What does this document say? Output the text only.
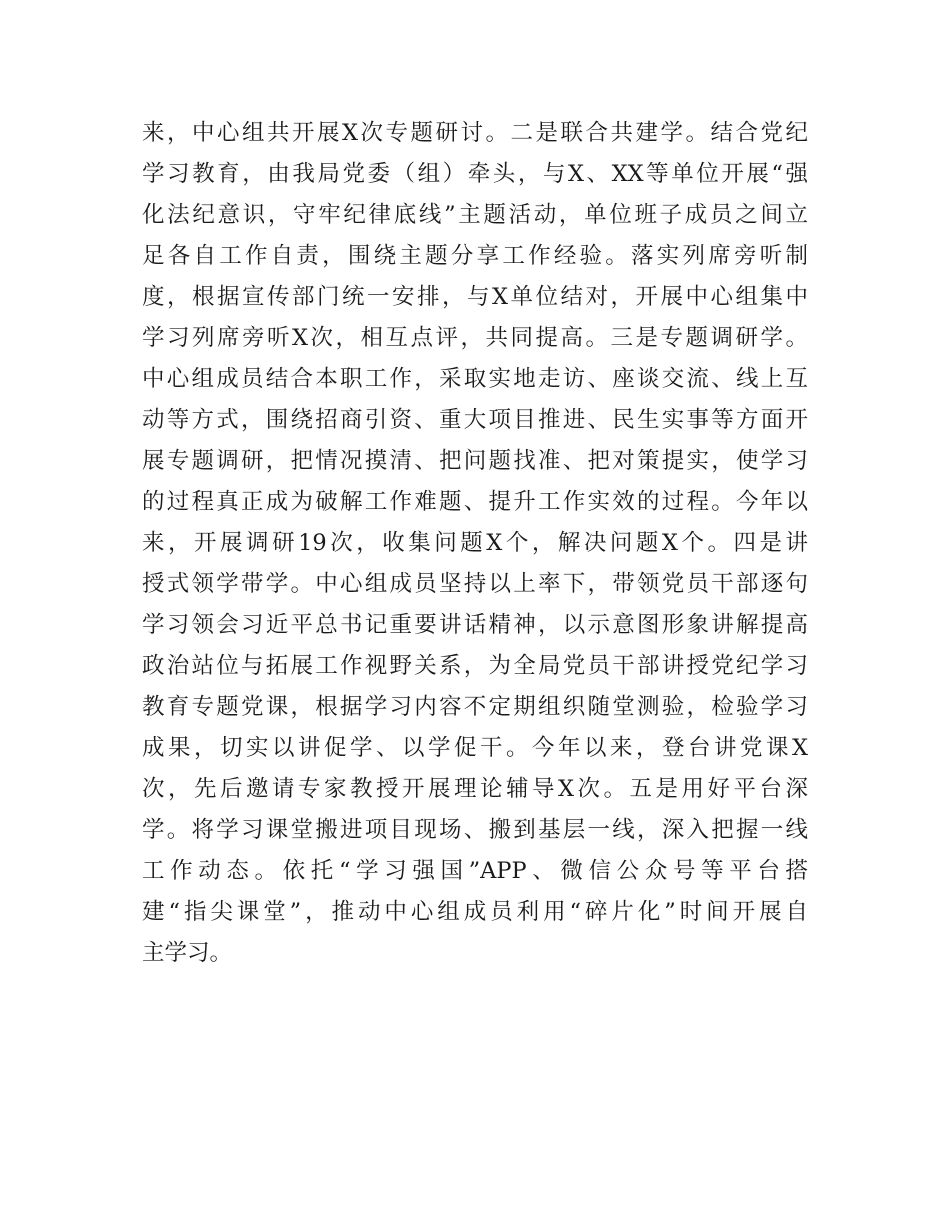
来，中心组共开展X次专题研讨。二是联合共建学。结合党纪
学习教育，由我局党委（组）牵头，与X、XX等单位开展“强
化法纪意识，守牢纪律底线”主题活动，单位班子成员之间立
足各自工作自责，围绕主题分享工作经验。落实列席旁听制
度，根据宣传部门统一安排，与X单位结对，开展中心组集中
学习列席旁听X次，相互点评，共同提高。三是专题调研学。
中心组成员结合本职工作，采取实地走访、座谈交流、线上互
动等方式，围绕招商引资、重大项目推进、民生实事等方面开
展专题调研，把情况摸清、把问题找准、把对策提实，使学习
的过程真正成为破解工作难题、提升工作实效的过程。今年以
来，开展调研19次，收集问题X个，解决问题X个。四是讲
授式领学带学。中心组成员坚持以上率下，带领党员干部逐句
学习领会习近平总书记重要讲话精神，以示意图形象讲解提高
政治站位与拓展工作视野关系，为全局党员干部讲授党纪学习
教育专题党课，根据学习内容不定期组织随堂测验，检验学习
成果，切实以讲促学、以学促干。今年以来，登台讲党课X
次，先后邀请专家教授开展理论辅导X次。五是用好平台深
学。将学习课堂搬进项目现场、搬到基层一线，深入把握一线
工作动态。依托“学习强国”APP、微信公众号等平台搭
建“指尖课堂”，推动中心组成员利用“碎片化”时间开展自
主学习。
